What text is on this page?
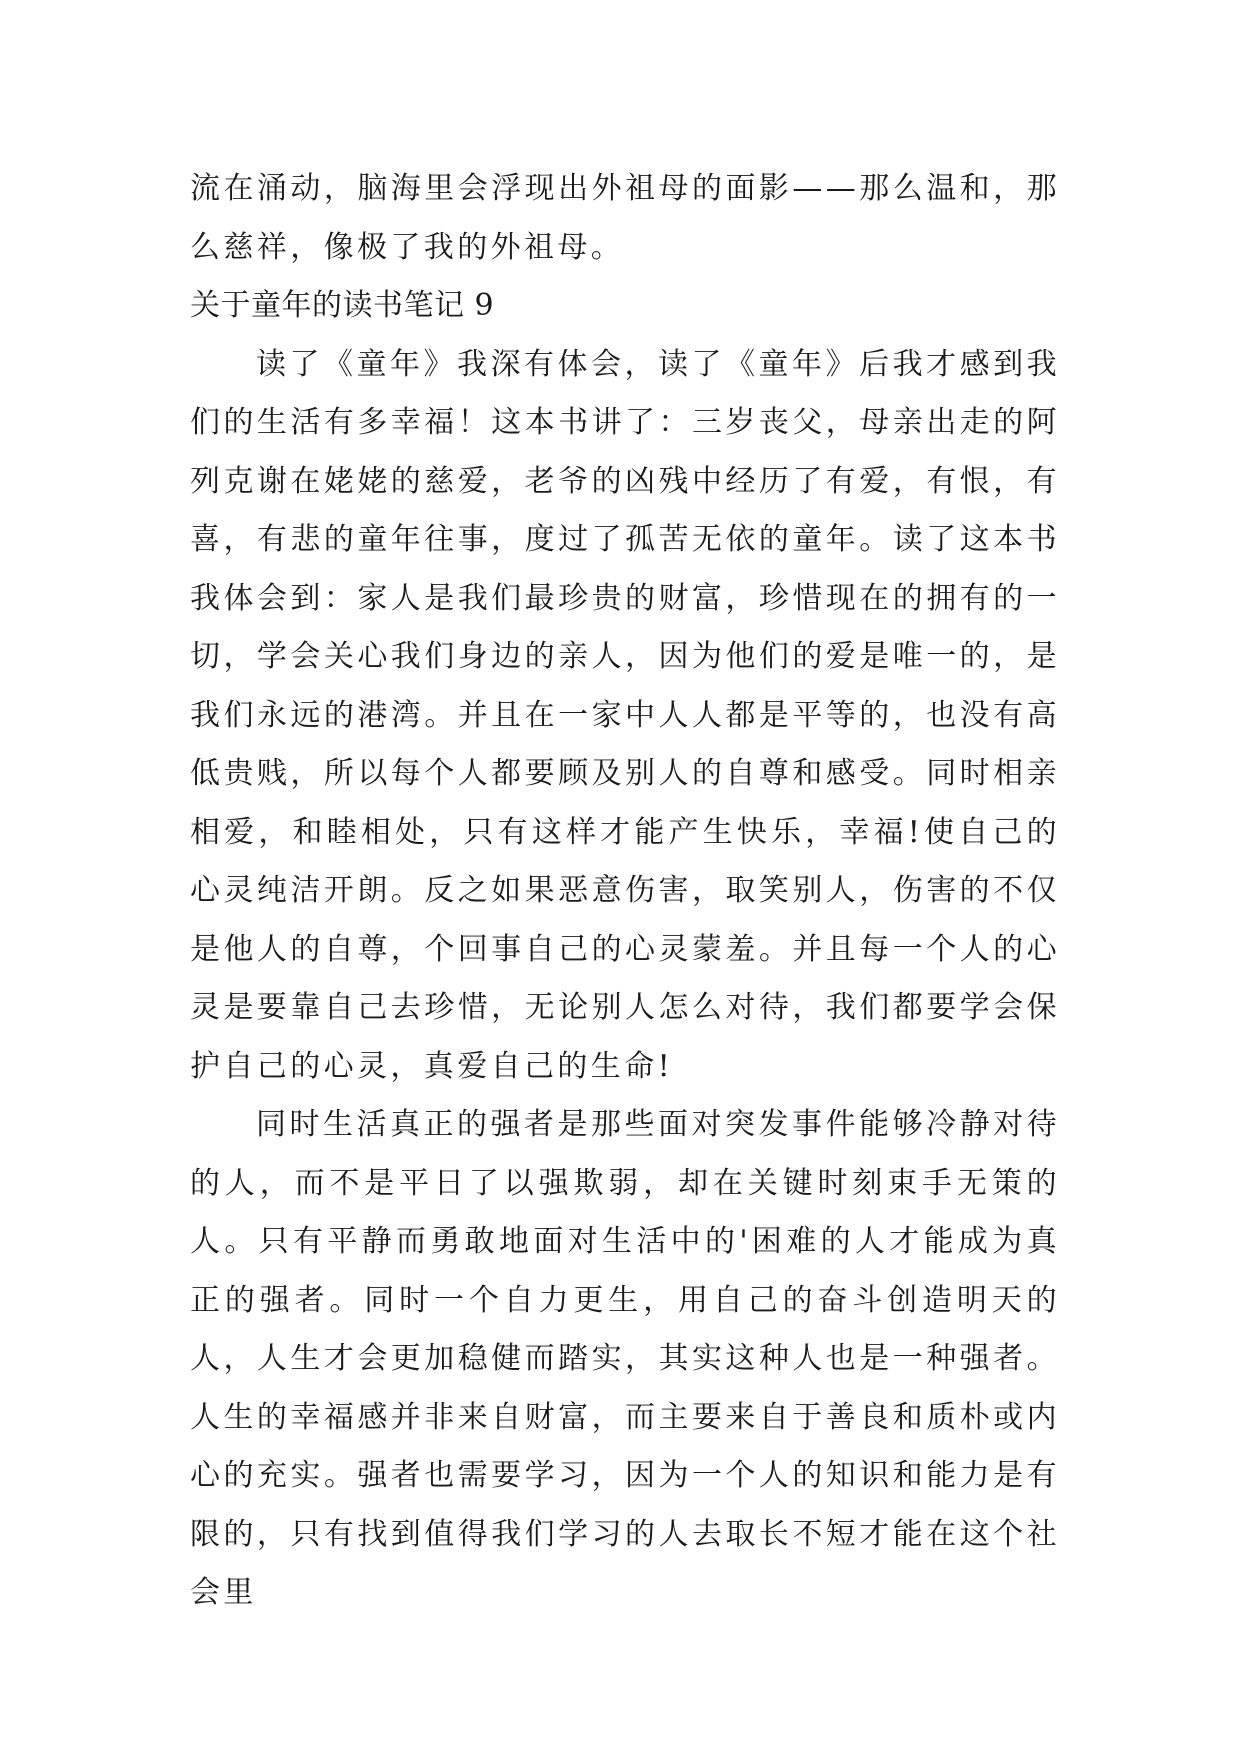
流在涌动，脑海里会浮现出外祖母的面影——那么温和，那么慈祥，像极了我的外祖母。

关于童年的读书笔记 9

读了《童年》我深有体会，读了《童年》后我才感到我们的生活有多幸福！这本书讲了：三岁丧父，母亲出走的阿列克谢在姥姥的慈爱，老爷的凶残中经历了有爱，有恨，有喜，有悲的童年往事，度过了孤苦无依的童年。读了这本书我体会到：家人是我们最珍贵的财富，珍惜现在的拥有的一切，学会关心我们身边的亲人，因为他们的爱是唯一的，是我们永远的港湾。并且在一家中人人都是平等的，也没有高低贵贱，所以每个人都要顾及别人的自尊和感受。同时相亲相爱，和睦相处，只有这样才能产生快乐，幸福!使自己的心灵纯洁开朗。反之如果恶意伤害，取笑别人，伤害的不仅是他人的自尊，个回事自己的心灵蒙羞。并且每一个人的心灵是要靠自己去珍惜，无论别人怎么对待，我们都要学会保护自己的心灵，真爱自己的生命!

同时生活真正的强者是那些面对突发事件能够冷静对待的人，而不是平日了以强欺弱，却在关键时刻束手无策的人。只有平静而勇敢地面对生活中的'困难的人才能成为真正的强者。同时一个自力更生，用自己的奋斗创造明天的人，人生才会更加稳健而踏实，其实这种人也是一种强者。人生的幸福感并非来自财富，而主要来自于善良和质朴或内心的充实。强者也需要学习，因为一个人的知识和能力是有限的，只有找到值得我们学习的人去取长不短才能在这个社会里
